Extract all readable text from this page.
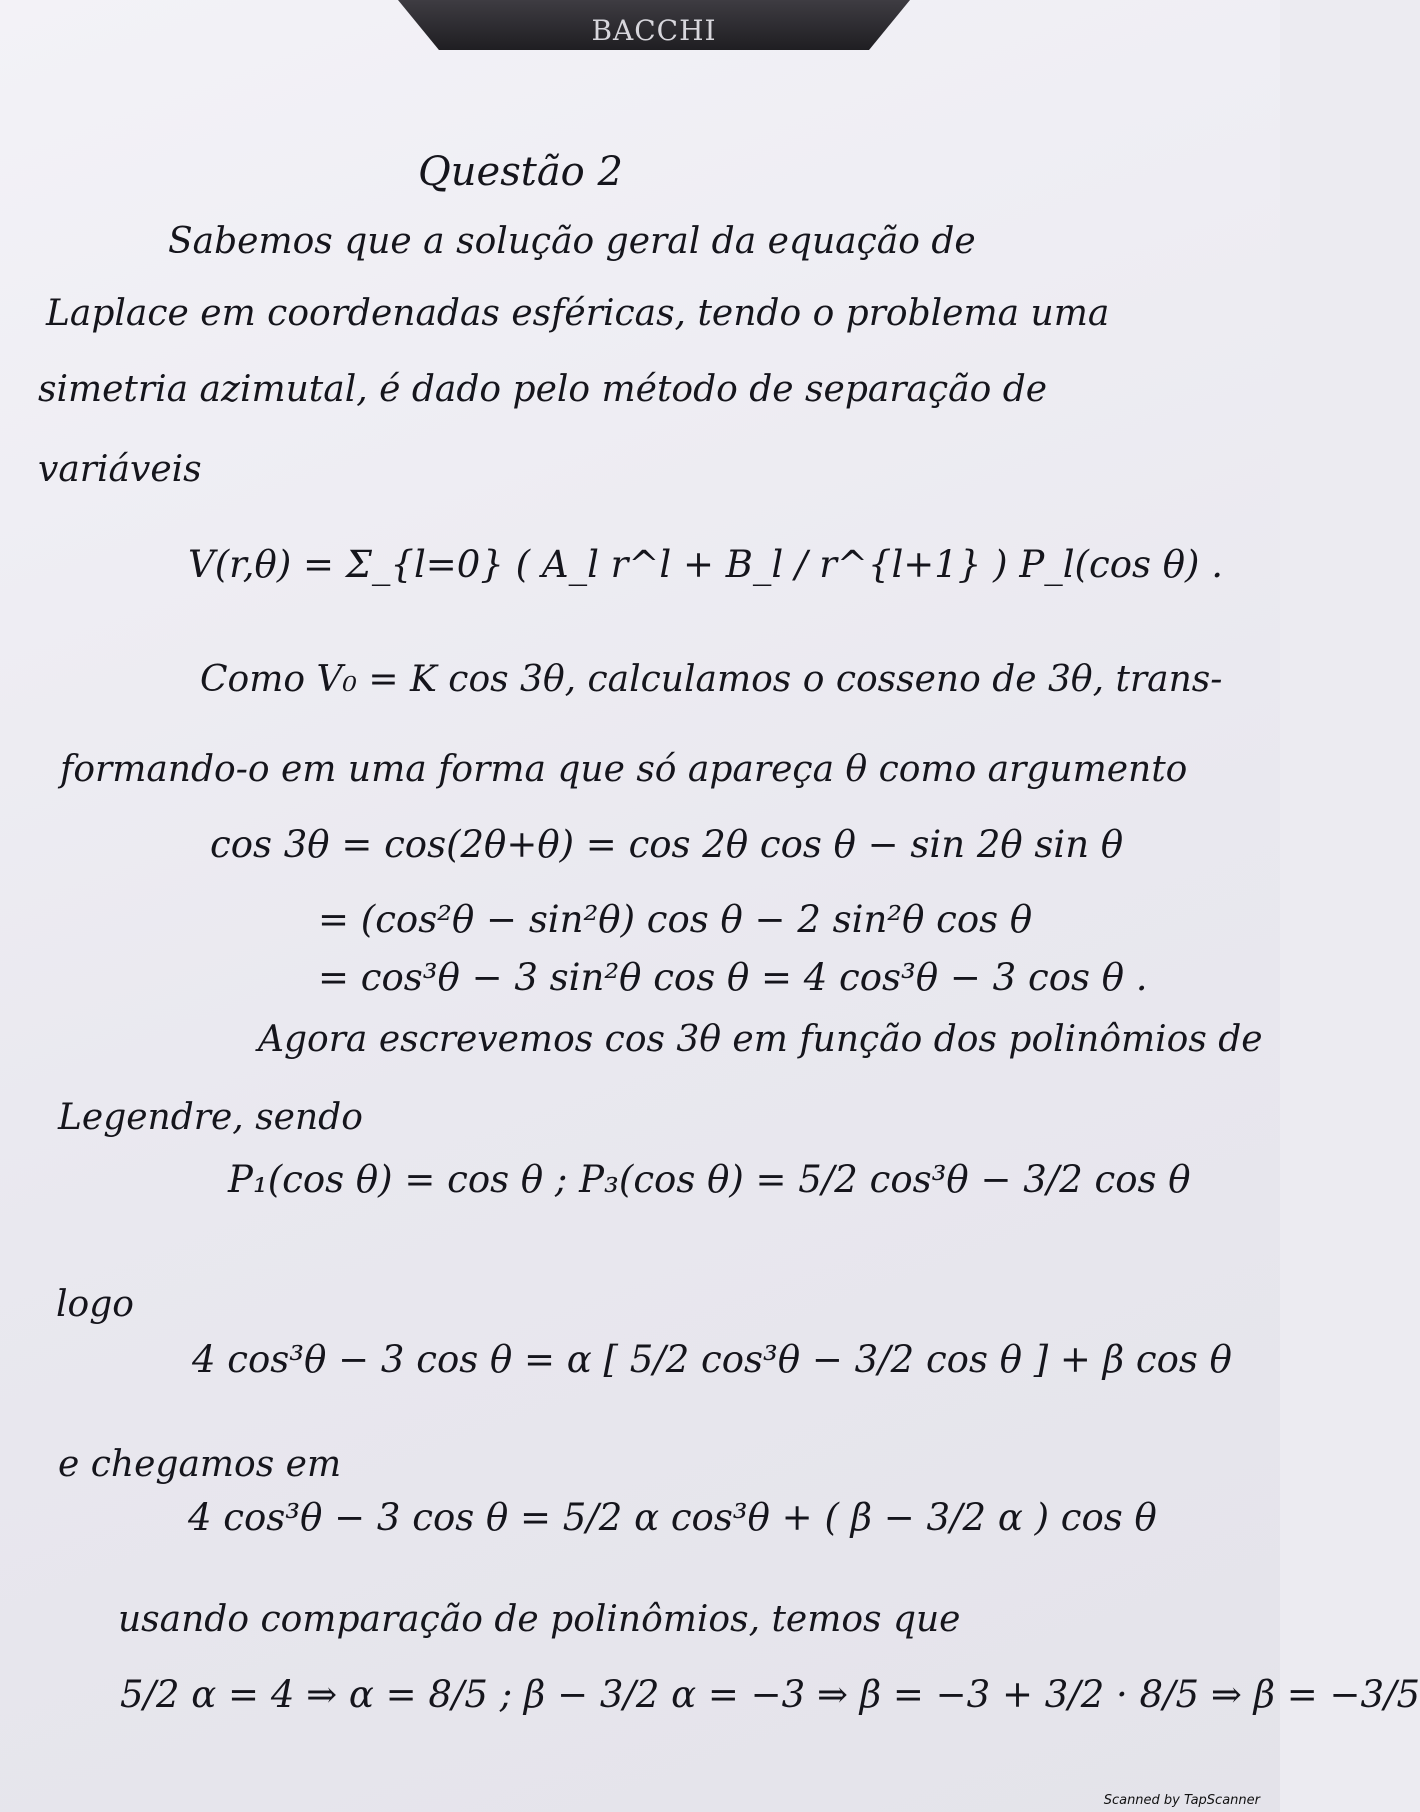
BACCHI
Questão 2
Sabemos que a solução geral da equação de
Laplace em coordenadas esféricas, tendo o problema uma
simetria azimutal, é dado pelo método de separação de
variáveis
V(r,θ) = Σ_{l=0} ( A_l r^l + B_l / r^{l+1} ) P_l(cos θ) .
Como V₀ = K cos 3θ, calculamos o cosseno de 3θ, trans-
formando-o em uma forma que só apareça θ como argumento
cos 3θ = cos(2θ+θ) = cos 2θ cos θ − sin 2θ sin θ
= (cos²θ − sin²θ) cos θ − 2 sin²θ cos θ
= cos³θ − 3 sin²θ cos θ = 4 cos³θ − 3 cos θ .
Agora escrevemos cos 3θ em função dos polinômios de
Legendre, sendo
P₁(cos θ) = cos θ ; P₃(cos θ) = 5/2 cos³θ − 3/2 cos θ
logo
4 cos³θ − 3 cos θ = α [ 5/2 cos³θ − 3/2 cos θ ] + β cos θ
e chegamos em
4 cos³θ − 3 cos θ = 5/2 α cos³θ + ( β − 3/2 α ) cos θ
usando comparação de polinômios, temos que
5/2 α = 4 ⇒ α = 8/5 ; β − 3/2 α = −3 ⇒ β = −3 + 3/2 · 8/5 ⇒ β = −3/5
Scanned by TapScanner
